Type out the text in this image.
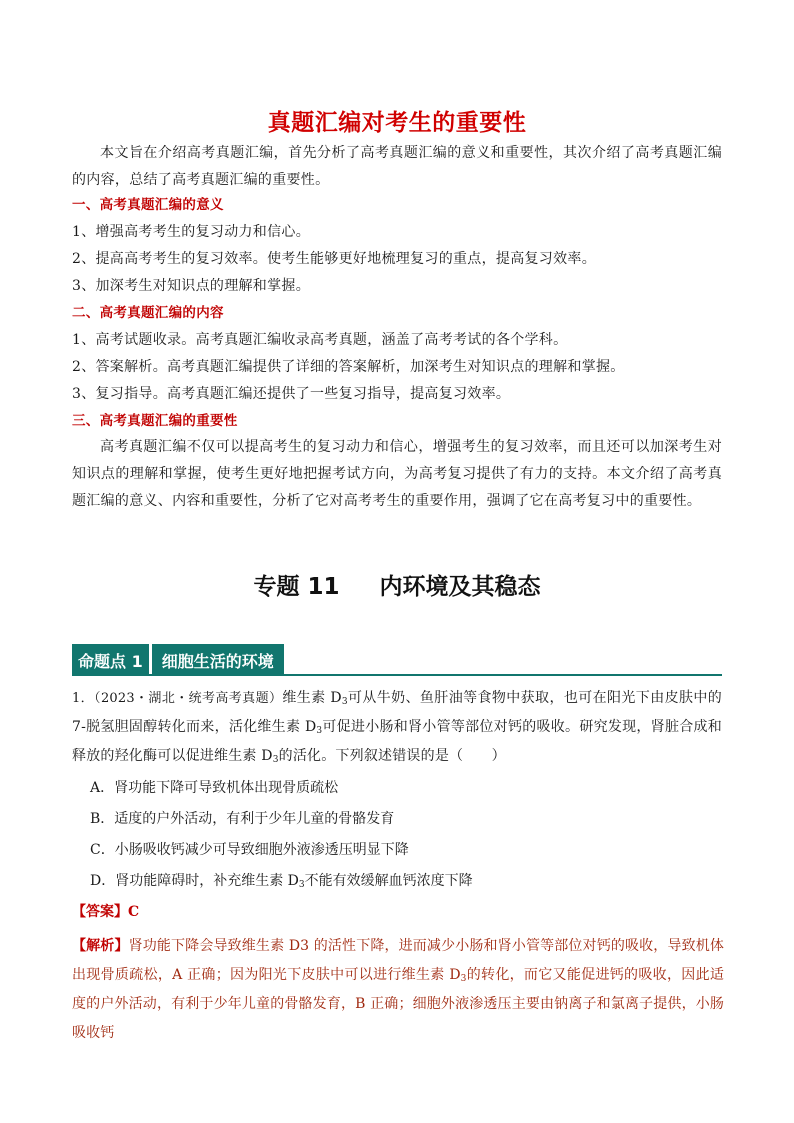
真题汇编对考生的重要性
本文旨在介绍高考真题汇编，首先分析了高考真题汇编的意义和重要性，其次介绍了高考真题汇编的内容，总结了高考真题汇编的重要性。
一、高考真题汇编的意义
1、增强高考考生的复习动力和信心。
2、提高高考考生的复习效率。使考生能够更好地梳理复习的重点，提高复习效率。
3、加深考生对知识点的理解和掌握。
二、高考真题汇编的内容
1、高考试题收录。高考真题汇编收录高考真题，涵盖了高考考试的各个学科。
2、答案解析。高考真题汇编提供了详细的答案解析，加深考生对知识点的理解和掌握。
3、复习指导。高考真题汇编还提供了一些复习指导，提高复习效率。
三、高考真题汇编的重要性
高考真题汇编不仅可以提高考生的复习动力和信心，增强考生的复习效率，而且还可以加深考生对知识点的理解和掌握，使考生更好地把握考试方向，为高考复习提供了有力的支持。本文介绍了高考真题汇编的意义、内容和重要性，分析了它对高考考生的重要作用，强调了它在高考复习中的重要性。
专题 11 内环境及其稳态
命题点 1	细胞生活的环境
1．（2023・湖北・统考高考真题）维生素 $D_3$可从牛奶、鱼肝油等食物中获取，也可在阳光下由皮肤中的 7-脱氢胆固醇转化而来，活化维生素 $D_3$可促进小肠和肾小管等部位对钙的吸收。研究发现，肾脏合成和释放的羟化酶可以促进维生素 $D_3$的活化。下列叙述错误的是（　　）
A．肾功能下降可导致机体出现骨质疏松
B．适度的户外活动，有利于少年儿童的骨骼发育
C．小肠吸收钙减少可导致细胞外液渗透压明显下降
D．肾功能障碍时，补充维生素 $D_3$不能有效缓解血钙浓度下降
【答案】C
【解析】肾功能下降会导致维生素 D3 的活性下降，进而减少小肠和肾小管等部位对钙的吸收，导致机体出现骨质疏松，A 正确；因为阳光下皮肤中可以进行维生素 $D_3$的转化，而它又能促进钙的吸收，因此适度的户外活动，有利于少年儿童的骨骼发育，B 正确；细胞外液渗透压主要由钠离子和氯离子提供，小肠吸收钙
